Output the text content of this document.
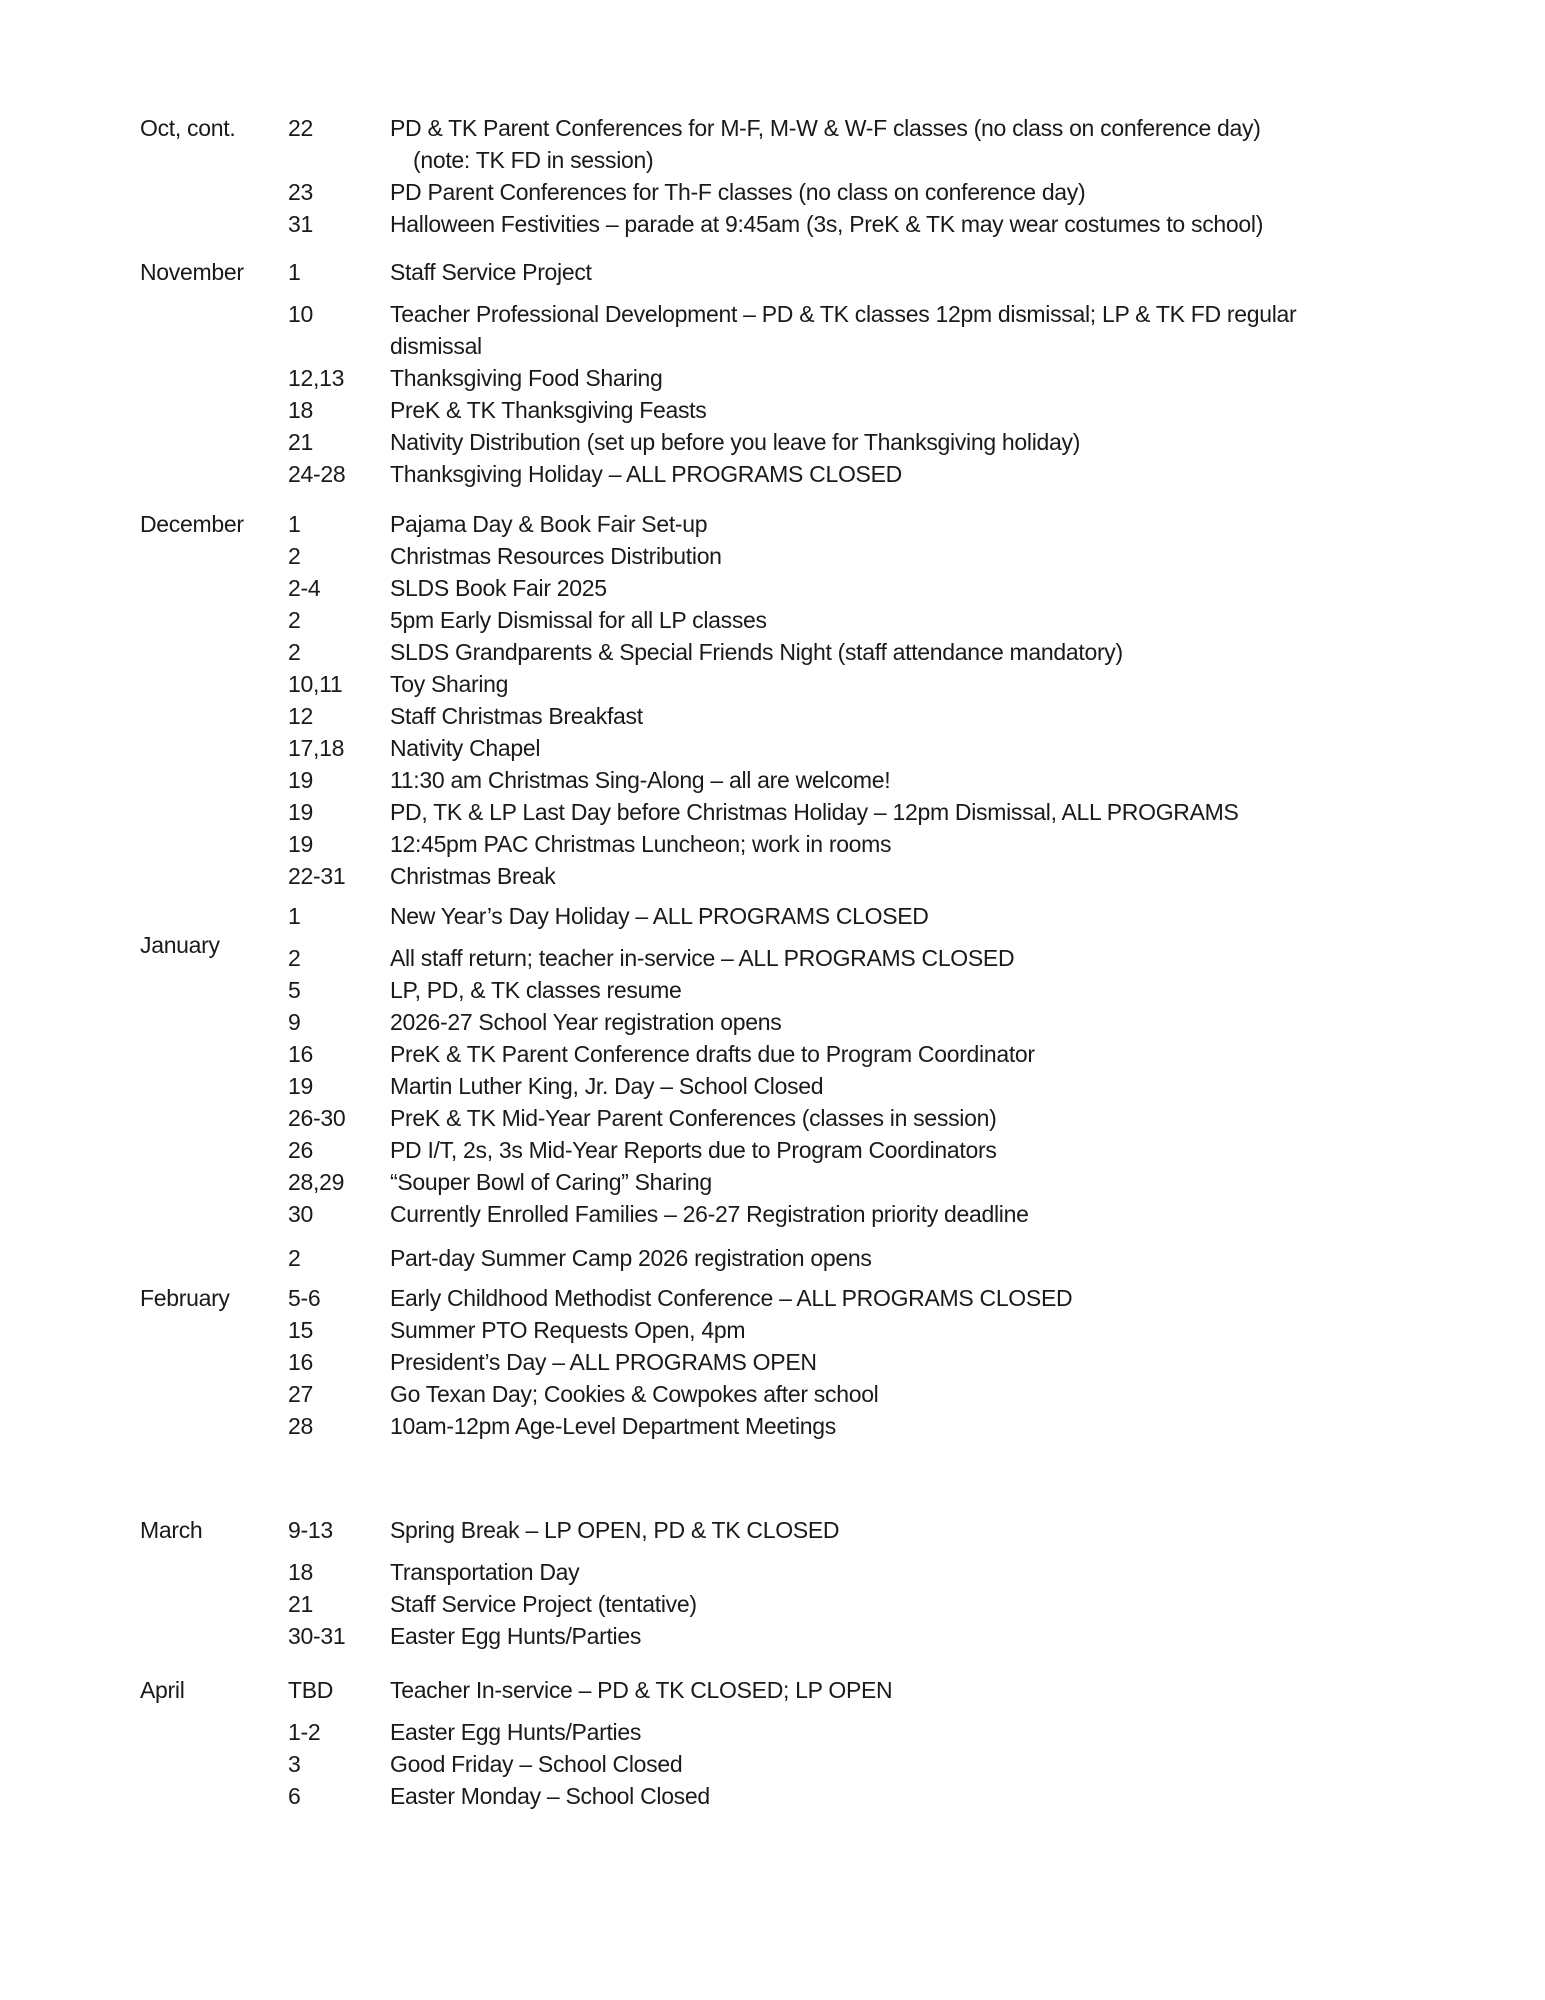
Oct, cont.	22	PD & TK Parent Conferences for M-F, M-W & W-F classes (no class on conference day)
(note: TK FD in session)
23	PD Parent Conferences for Th-F classes (no class on conference day)
31	Halloween Festivities – parade at 9:45am (3s, PreK & TK may wear costumes to school)
November	1	Staff Service Project
10	Teacher Professional Development – PD & TK classes 12pm dismissal; LP & TK FD regular
dismissal
12,13	Thanksgiving Food Sharing
18	PreK & TK Thanksgiving Feasts
21	Nativity Distribution (set up before you leave for Thanksgiving holiday)
24-28	Thanksgiving Holiday – ALL PROGRAMS CLOSED
December	1	Pajama Day & Book Fair Set-up
2	Christmas Resources Distribution
2-4	SLDS Book Fair 2025
2	5pm Early Dismissal for all LP classes
2	SLDS Grandparents & Special Friends Night (staff attendance mandatory)
10,11	Toy Sharing
12	Staff Christmas Breakfast
17,18	Nativity Chapel
19	11:30 am Christmas Sing-Along – all are welcome!
19	PD, TK & LP Last Day before Christmas Holiday – 12pm Dismissal, ALL PROGRAMS
19	12:45pm PAC Christmas Luncheon; work in rooms
22-31	Christmas Break
1	New Year’s Day Holiday – ALL PROGRAMS CLOSED
January	2	All staff return; teacher in-service – ALL PROGRAMS CLOSED
5	LP, PD, & TK classes resume
9	2026-27 School Year registration opens
16	PreK & TK Parent Conference drafts due to Program Coordinator
19	Martin Luther King, Jr. Day – School Closed
26-30	PreK & TK Mid-Year Parent Conferences (classes in session)
26	PD I/T, 2s, 3s Mid-Year Reports due to Program Coordinators
28,29	“Souper Bowl of Caring” Sharing
30	Currently Enrolled Families – 26-27 Registration priority deadline
2	Part-day Summer Camp 2026 registration opens
February	5-6	Early Childhood Methodist Conference – ALL PROGRAMS CLOSED
15	Summer PTO Requests Open, 4pm
16	President’s Day – ALL PROGRAMS OPEN
27	Go Texan Day; Cookies & Cowpokes after school
28	10am-12pm Age-Level Department Meetings
March	9-13	Spring Break – LP OPEN, PD & TK CLOSED
18	Transportation Day
21	Staff Service Project (tentative)
30-31	Easter Egg Hunts/Parties
April	TBD	Teacher In-service – PD & TK CLOSED; LP OPEN
1-2	Easter Egg Hunts/Parties
3	Good Friday – School Closed
6	Easter Monday – School Closed
